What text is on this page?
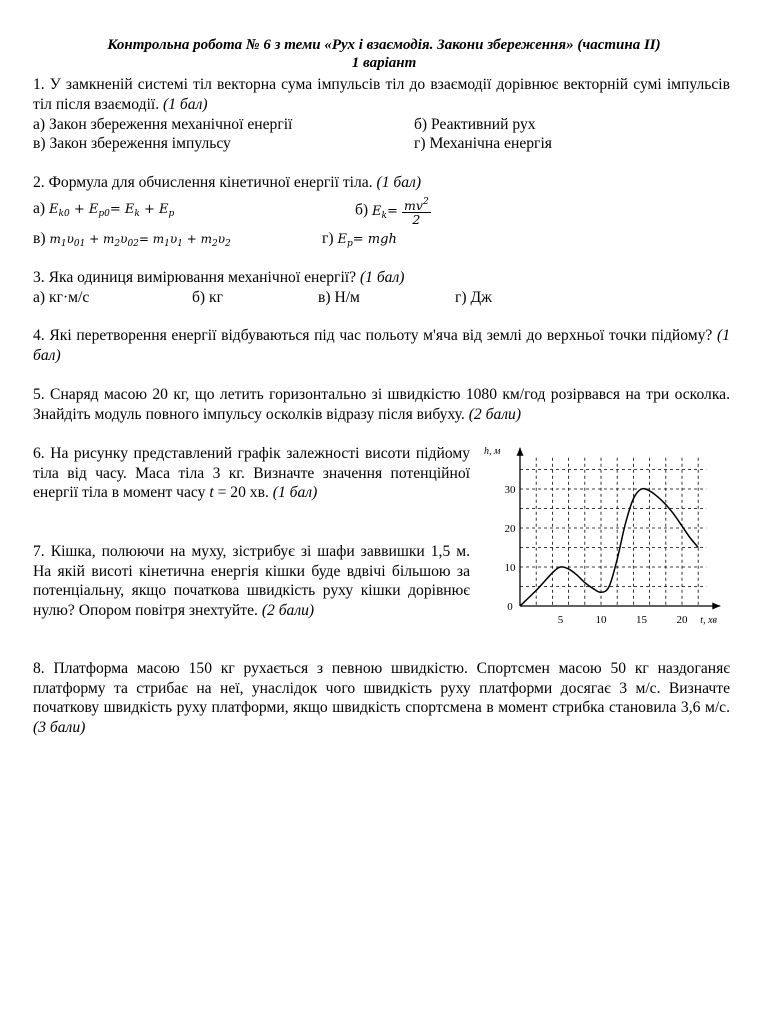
Контрольна робота № 6 з теми «Рух і взаємодія. Закони збереження» (частина ІІ)
1 варіант
1. У замкненій системі тіл векторна сума імпульсів тіл до взаємодії дорівнює векторній сумі імпульсів тіл після взаємодії. (1 бал)
а) Закон збереження механічної енергії	б) Реактивний рух
в) Закон збереження імпульсу	г) Механічна енергія
2. Формула для обчислення кінетичної енергії тіла. (1 бал)
а) $E_{k0} + E_{p0}= E_k + E_p$	б) $E_k= \frac{mv^2}{2}$
в) $m_1\upsilon_{01} + m_2\upsilon_{02}= m_1\upsilon_1 + m_2\upsilon_2$	г) $E_p=$ mgh
3. Яка одиниця вимірювання механічної енергії? (1 бал)
а) кг·м/с	б) кг	в) Н/м	г) Дж
4. Які перетворення енергії відбуваються під час польоту м'яча від землі до верхньої точки підйому? (1 бал)
5. Снаряд масою 20 кг, що летить горизонтально зі швидкістю 1080 км/год розірвався на три осколка. Знайдіть модуль повного імпульсу осколків відразу після вибуху. (2 бали)
6. На рисунку представлений графік залежності висоти підйому тіла від часу. Маса тіла 3 кг. Визначте значення потенційної енергії тіла в момент часу t = 20 хв. (1 бал)
7. Кішка, полюючи на муху, зістрибує зі шафи заввишки 1,5 м. На якій висоті кінетична енергія кішки буде вдвічі більшою за потенціальну, якщо початкова швидкість руху кішки дорівнює нулю? Опором повітря знехтуйте. (2 бали)
5	10	15	20
10
20
30
0
h, м
t, хв
8. Платформа масою 150 кг рухається з певною швидкістю. Спортсмен масою 50 кг наздоганяє платформу та стрибає на неї, унаслідок чого швидкість руху платформи досягає 3 м/с. Визначте початкову швидкість руху платформи, якщо швидкість спортсмена в момент стрибка становила 3,6 м/с. (3 бали)
